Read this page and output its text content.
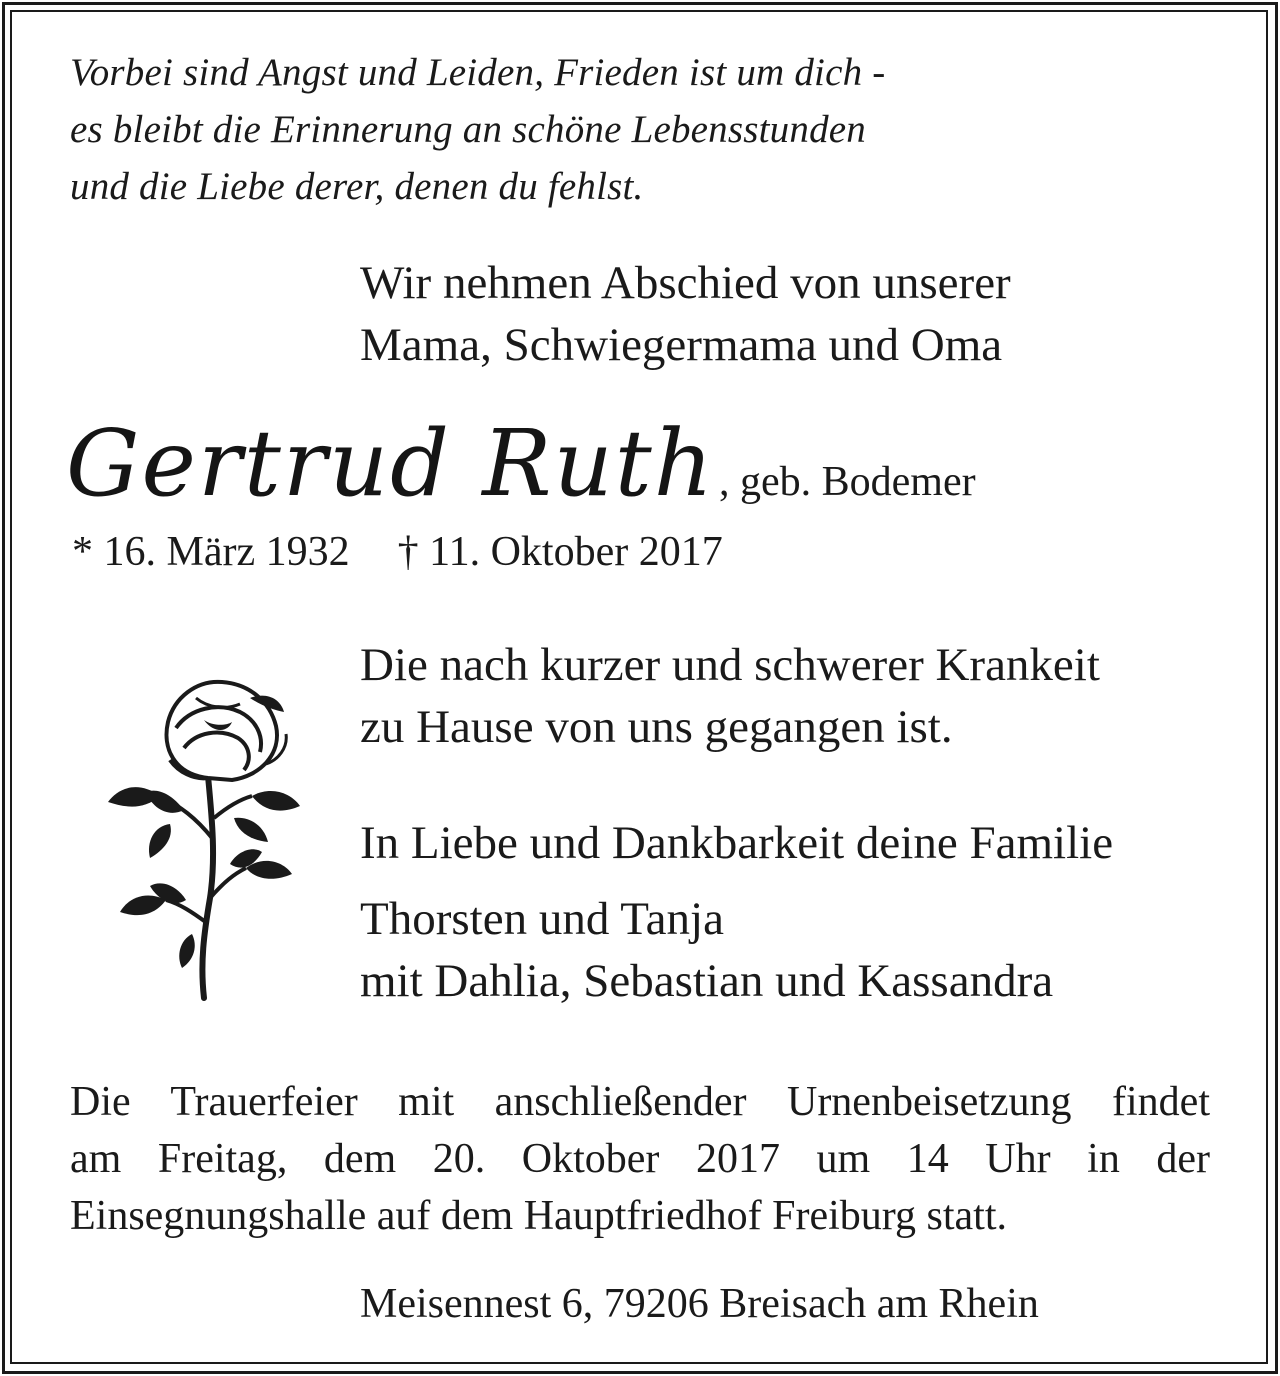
Vorbei sind Angst und Leiden, Frieden ist um dich -
es bleibt die Erinnerung an schöne Lebensstunden
und die Liebe derer, denen du fehlst.
Wir nehmen Abschied von unserer
Mama, Schwiegermama und Oma
Gertrud Ruth, geb. Bodemer
* 16. März 1932 † 11. Oktober 2017
Die nach kurzer und schwerer Krankeit
zu Hause von uns gegangen ist.
In Liebe und Dankbarkeit deine Familie
Thorsten und Tanja
mit Dahlia, Sebastian und Kassandra
Die Trauerfeier mit anschließender Urnenbeisetzung findet
am Freitag, dem 20. Oktober 2017 um 14 Uhr in der
Einsegnungshalle auf dem Hauptfriedhof Freiburg statt.
Meisennest 6, 79206 Breisach am Rhein
